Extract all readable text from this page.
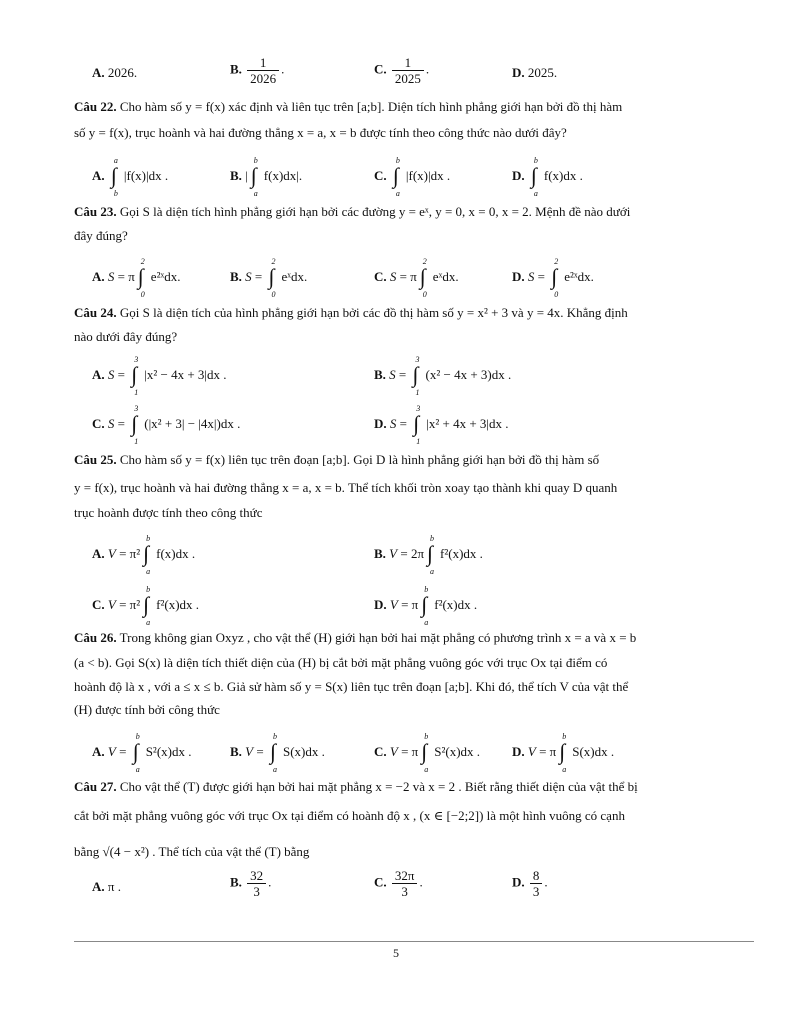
A. 2026.	B. $\frac{1}{2026}$ .	C. $\frac{1}{2025}$ .	D. 2025.
Câu 22. Cho hàm số y = f(x) xác định và liên tục trên [a;b]. Diện tích hình phẳng giới hạn bởi đồ thị hàm
số y = f(x), trục hoành và hai đường thẳng x = a, x = b được tính theo công thức nào dưới đây?
A.
a
∫
b
|f(x)|dx .	B. |
b
∫
a
f(x)dx|.	C.
b
∫
a
|f(x)|dx .	D.
b
∫
a
f(x)dx .
Câu 23. Gọi S là diện tích hình phẳng giới hạn bởi các đường y = eˣ, y = 0, x = 0, x = 2. Mệnh đề nào dưới
đây đúng?
A. S = π
2
∫
0
e²ˣdx.	B. S =
2
∫
0
eˣdx.	C. S = π
2
∫
0
eˣdx.	D. S =
2
∫
0
e²ˣdx.
Câu 24. Gọi S là diện tích của hình phẳng giới hạn bởi các đồ thị hàm số y = x² + 3 và y = 4x. Khẳng định
nào dưới đây đúng?
A. S =
3
∫
1
|x² − 4x + 3|dx .	B. S =
3
∫
1
(x² − 4x + 3)dx .
C. S =
3
∫
1
(|x² + 3| − |4x|)dx .	D. S =
3
∫
1
|x² + 4x + 3|dx .
Câu 25. Cho hàm số y = f(x) liên tục trên đoạn [a;b]. Gọi D là hình phẳng giới hạn bởi đồ thị hàm số
y = f(x), trục hoành và hai đường thẳng x = a, x = b. Thể tích khối tròn xoay tạo thành khi quay D quanh
trục hoành được tính theo công thức
A. V = π²
b
∫
a
f(x)dx .	B. V = 2π
b
∫
a
f²(x)dx .
C. V = π²
b
∫
a
f²(x)dx .	D. V = π
b
∫
a
f²(x)dx .
Câu 26. Trong không gian Oxyz , cho vật thể (H) giới hạn bởi hai mặt phẳng có phương trình x = a và x = b
(a < b). Gọi S(x) là diện tích thiết diện của (H) bị cắt bởi mặt phẳng vuông góc với trục Ox tại điểm có
hoành độ là x , với a ≤ x ≤ b. Giả sử hàm số y = S(x) liên tục trên đoạn [a;b]. Khi đó, thể tích V của vật thể
(H) được tính bởi công thức
A. V =
b
∫
a
S²(x)dx .	B. V =
b
∫
a
S(x)dx .	C. V = π
b
∫
a
S²(x)dx . D. V = π
b
∫
a
S(x)dx .
Câu 27. Cho vật thể (T) được giới hạn bởi hai mặt phẳng x = −2 và x = 2 . Biết rằng thiết diện của vật thể bị
cắt bởi mặt phẳng vuông góc với trục Ox tại điểm có hoành độ x , (x ∈ [−2;2]) là một hình vuông có cạnh
bằng √(4 − x²) . Thể tích của vật thể (T) bằng
A. π .	B. $\frac{32}{3}$ .	C. $\frac{32\pi}{3}$ .	D. $\frac{8}{3}$ .
5
